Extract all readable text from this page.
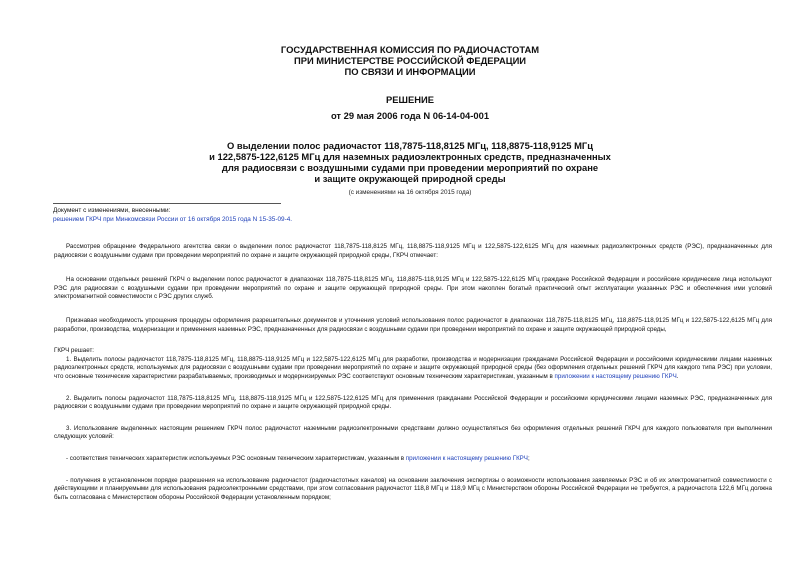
ГОСУДАРСТВЕННАЯ КОМИССИЯ ПО РАДИОЧАСТОТАМ
ПРИ МИНИСТЕРСТВЕ РОССИЙСКОЙ ФЕДЕРАЦИИ
ПО СВЯЗИ И ИНФОРМАЦИИ
РЕШЕНИЕ
от 29 мая 2006 года N 06-14-04-001
О выделении полос радиочастот 118,7875-118,8125 МГц, 118,8875-118,9125 МГц
и 122,5875-122,6125 МГц для наземных радиоэлектронных средств, предназначенных
для радиосвязи с воздушными судами при проведении мероприятий по охране
и защите окружающей природной среды
(с изменениями на 16 октября 2015 года)
Документ с изменениями, внесенными:
решением ГКРЧ при Минкомсвязи России от 16 октября 2015 года N 15-35-09-4.

Рассмотрев обращение Федерального агентства связи о выделении полос радиочастот 118,7875-118,8125 МГц, 118,8875-118,9125 МГц и 122,5875-122,6125 МГц для наземных радиоэлектронных средств (РЭС), предназначенных для радиосвязи с воздушными судами при проведении мероприятий по охране и защите окружающей природной среды, ГКРЧ отмечает:

На основании отдельных решений ГКРЧ о выделении полос радиочастот в диапазонах 118,7875-118,8125 МГц, 118,8875-118,9125 МГц и 122,5875-122,6125 МГц граждане Российской Федерации и российские юридические лица используют РЭС для радиосвязи с воздушными судами при проведении мероприятий по охране и защите окружающей природной среды. При этом накоплен богатый практический опыт эксплуатации указанных РЭС и обеспечения ими условий электромагнитной совместимости с РЭС других служб.

Признавая необходимость упрощения процедуры оформления разрешительных документов и уточнения условий использования полос радиочастот в диапазонах 118,7875-118,8125 МГц, 118,8875-118,9125 МГц и 122,5875-122,6125 МГц для разработки, производства, модернизации и применения наземных РЭС, предназначенных для радиосвязи с воздушными судами при проведении мероприятий по охране и защите окружающей природной среды,

ГКРЧ решает:

1. Выделить полосы радиочастот 118,7875-118,8125 МГц, 118,8875-118,9125 МГц и 122,5875-122,6125 МГц для разработки, производства и модернизации гражданами Российской Федерации и российскими юридическими лицами наземных радиоэлектронных средств, используемых для радиосвязи с воздушными судами при проведении мероприятий по охране и защите окружающей природной среды (без оформления отдельных решений ГКРЧ для каждого типа РЭС) при условии, что основные технические характеристики разрабатываемых, производимых и модернизируемых РЭС соответствуют основным техническим характеристикам, указанным в приложении к настоящему решению ГКРЧ.

2. Выделить полосы радиочастот 118,7875-118,8125 МГц, 118,8875-118,9125 МГц и 122,5875-122,6125 МГц для применения гражданами Российской Федерации и российскими юридическими лицами наземных РЭС, предназначенных для радиосвязи с воздушными судами при проведении мероприятий по охране и защите окружающей природной среды.

3. Использование выделенных настоящим решением ГКРЧ полос радиочастот наземными радиоэлектронными средствами должно осуществляться без оформления отдельных решений ГКРЧ для каждого пользователя при выполнении следующих условий:

- соответствия технических характеристик используемых РЭС основным техническим характеристикам, указанным в приложении к настоящему решению ГКРЧ;

- получения в установленном порядке разрешения на использование радиочастот (радиочастотных каналов) на основании заключения экспертизы о возможности использования заявляемых РЭС и об их электромагнитной совместимости с действующими и планируемыми для использования радиоэлектронными средствами, при этом согласования радиочастот 118,8 МГц и 118,9 МГц с Министерством обороны Российской Федерации не требуется, а радиочастота 122,6 МГц должна быть согласована с Министерством обороны Российской Федерации установленным порядком;
